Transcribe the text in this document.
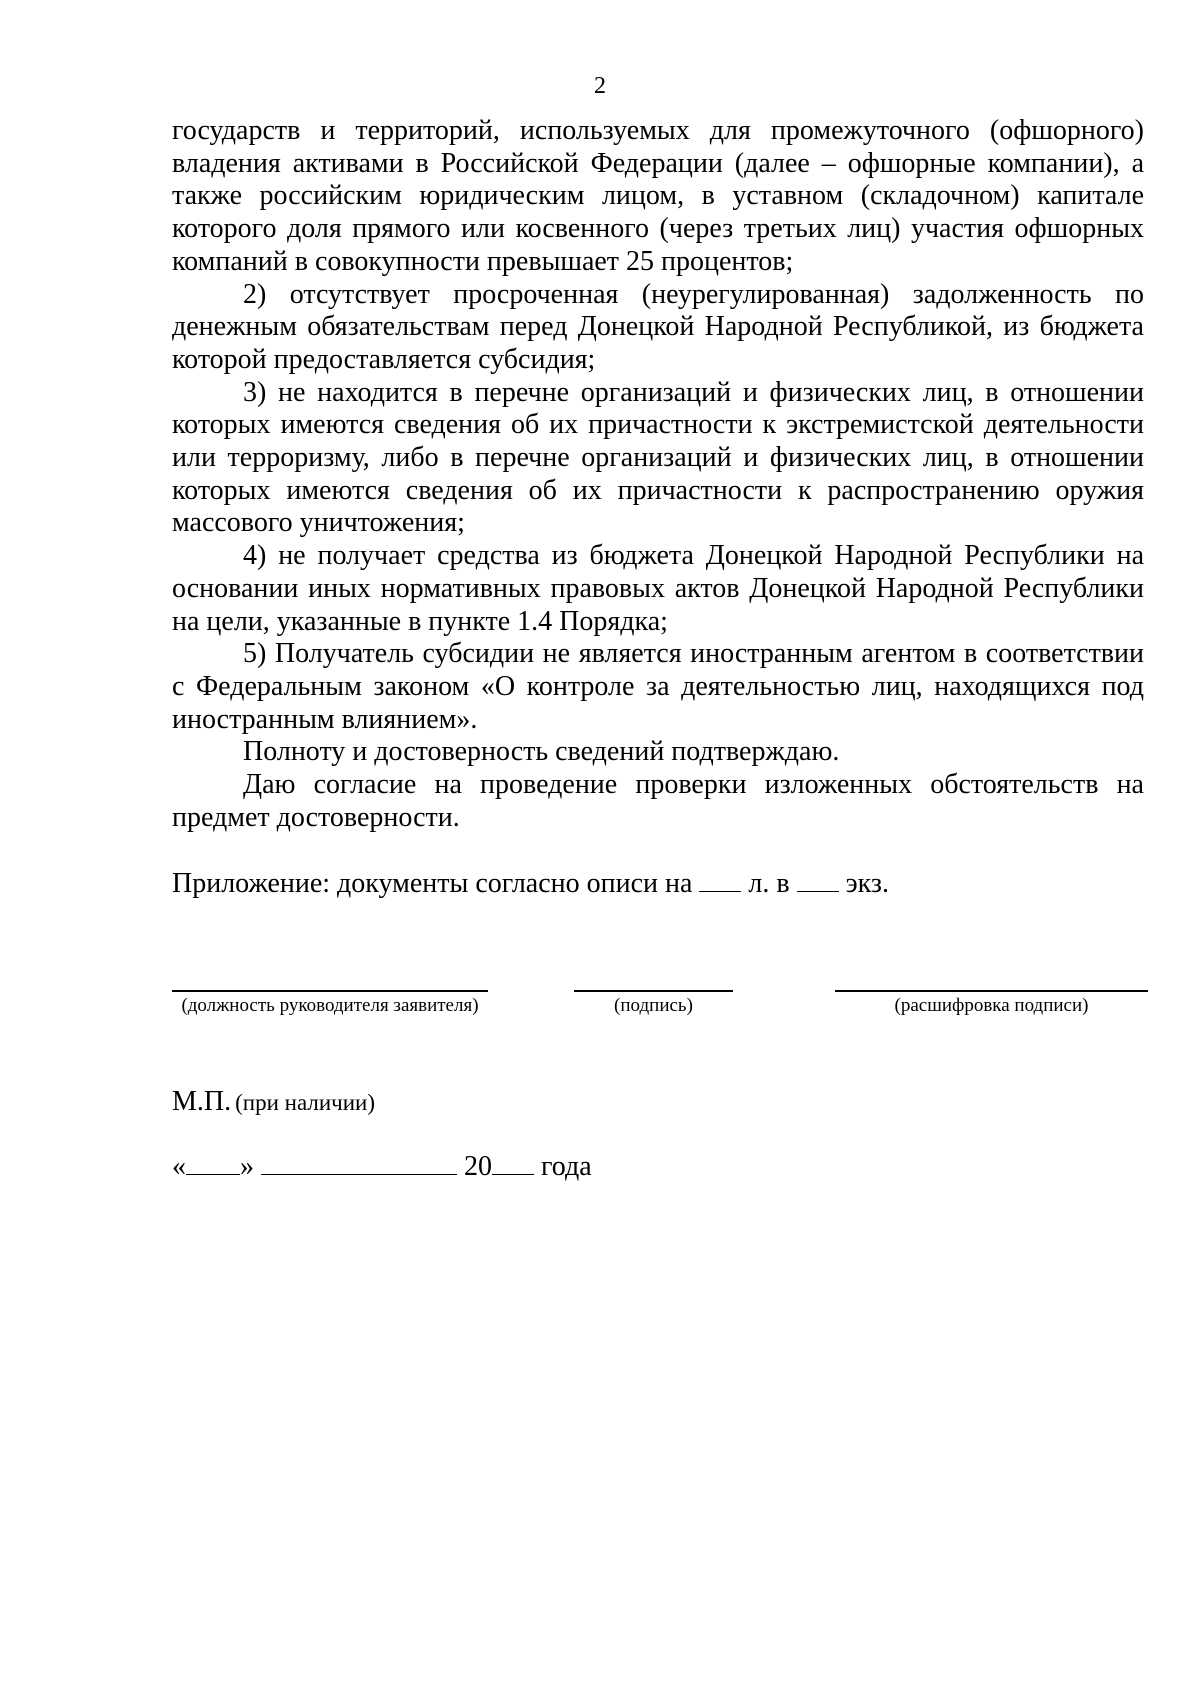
2

государств и территорий, используемых для промежуточного (офшорного) владения активами в Российской Федерации (далее – офшорные компании), а также российским юридическим лицом, в уставном (складочном) капитале которого доля прямого или косвенного (через третьих лиц) участия офшорных компаний в совокупности превышает 25 процентов;

2) отсутствует просроченная (неурегулированная) задолженность по денежным обязательствам перед Донецкой Народной Республикой, из бюджета которой предоставляется субсидия;

3) не находится в перечне организаций и физических лиц, в отношении которых имеются сведения об их причастности к экстремистской деятельности или терроризму, либо в перечне организаций и физических лиц, в отношении которых имеются сведения об их причастности к распространению оружия массового уничтожения;

4) не получает средства из бюджета Донецкой Народной Республики на основании иных нормативных правовых актов Донецкой Народной Республики на цели, указанные в пункте 1.4 Порядка;

5) Получатель субсидии не является иностранным агентом в соответствии с Федеральным законом «О контроле за деятельностью лиц, находящихся под иностранным влиянием».

Полноту и достоверность сведений подтверждаю.

Даю согласие на проведение проверки изложенных обстоятельств на предмет достоверности.

Приложение: документы согласно описи на л. в экз.
(должность руководителя заявителя)	(подпись)	(расшифровка подписи)
М.П. (при наличии)
« »	20 года
